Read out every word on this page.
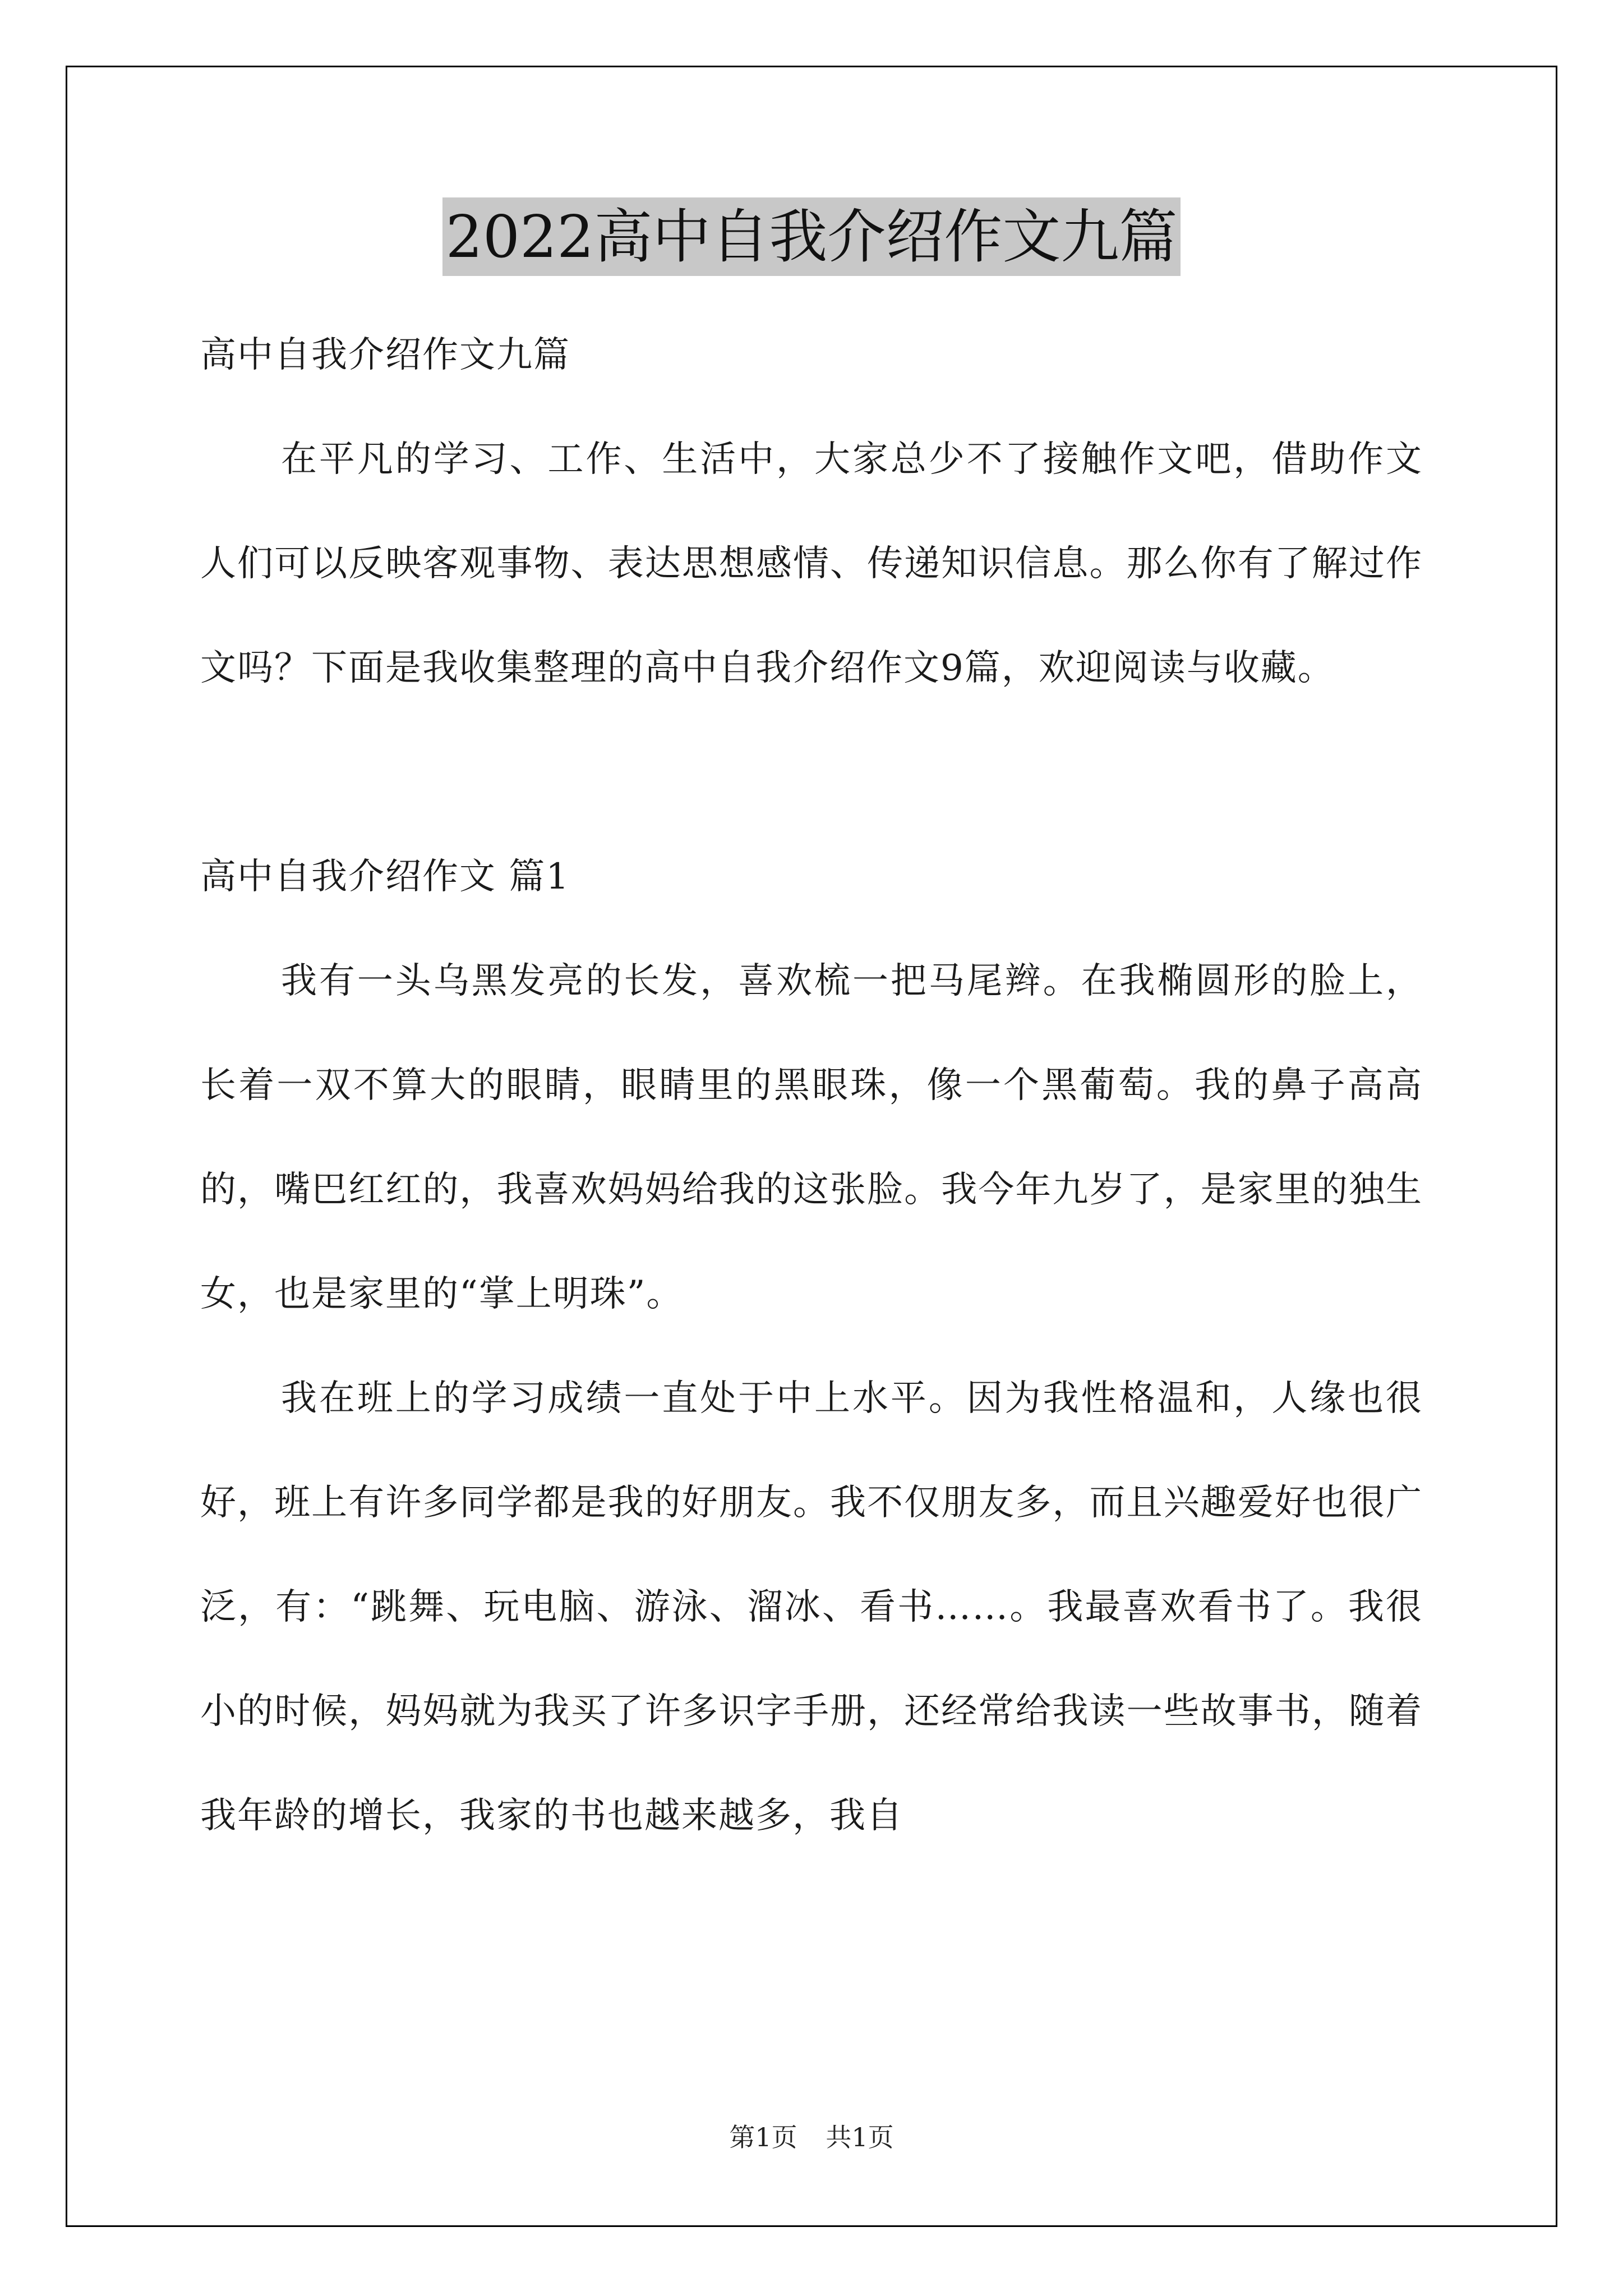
2022高中自我介绍作文九篇

高中自我介绍作文九篇

在平凡的学习、工作、生活中，大家总少不了接触作文吧，借助作文人们可以反映客观事物、表达思想感情、传递知识信息。那么你有了解过作文吗？下面是我收集整理的高中自我介绍作文9篇，欢迎阅读与收藏。

高中自我介绍作文 篇1

我有一头乌黑发亮的长发，喜欢梳一把马尾辫。在我椭圆形的脸上，长着一双不算大的眼睛，眼睛里的黑眼珠，像一个黑葡萄。我的鼻子高高的，嘴巴红红的，我喜欢妈妈给我的这张脸。我今年九岁了，是家里的独生女，也是家里的“掌上明珠”。

我在班上的学习成绩一直处于中上水平。因为我性格温和，人缘也很好，班上有许多同学都是我的好朋友。我不仅朋友多，而且兴趣爱好也很广泛，有：“跳舞、玩电脑、游泳、溜冰、看书……。我最喜欢看书了。我很小的时候，妈妈就为我买了许多识字手册，还经常给我读一些故事书，随着我年龄的增长，我家的书也越来越多，我自

第1页 共1页
